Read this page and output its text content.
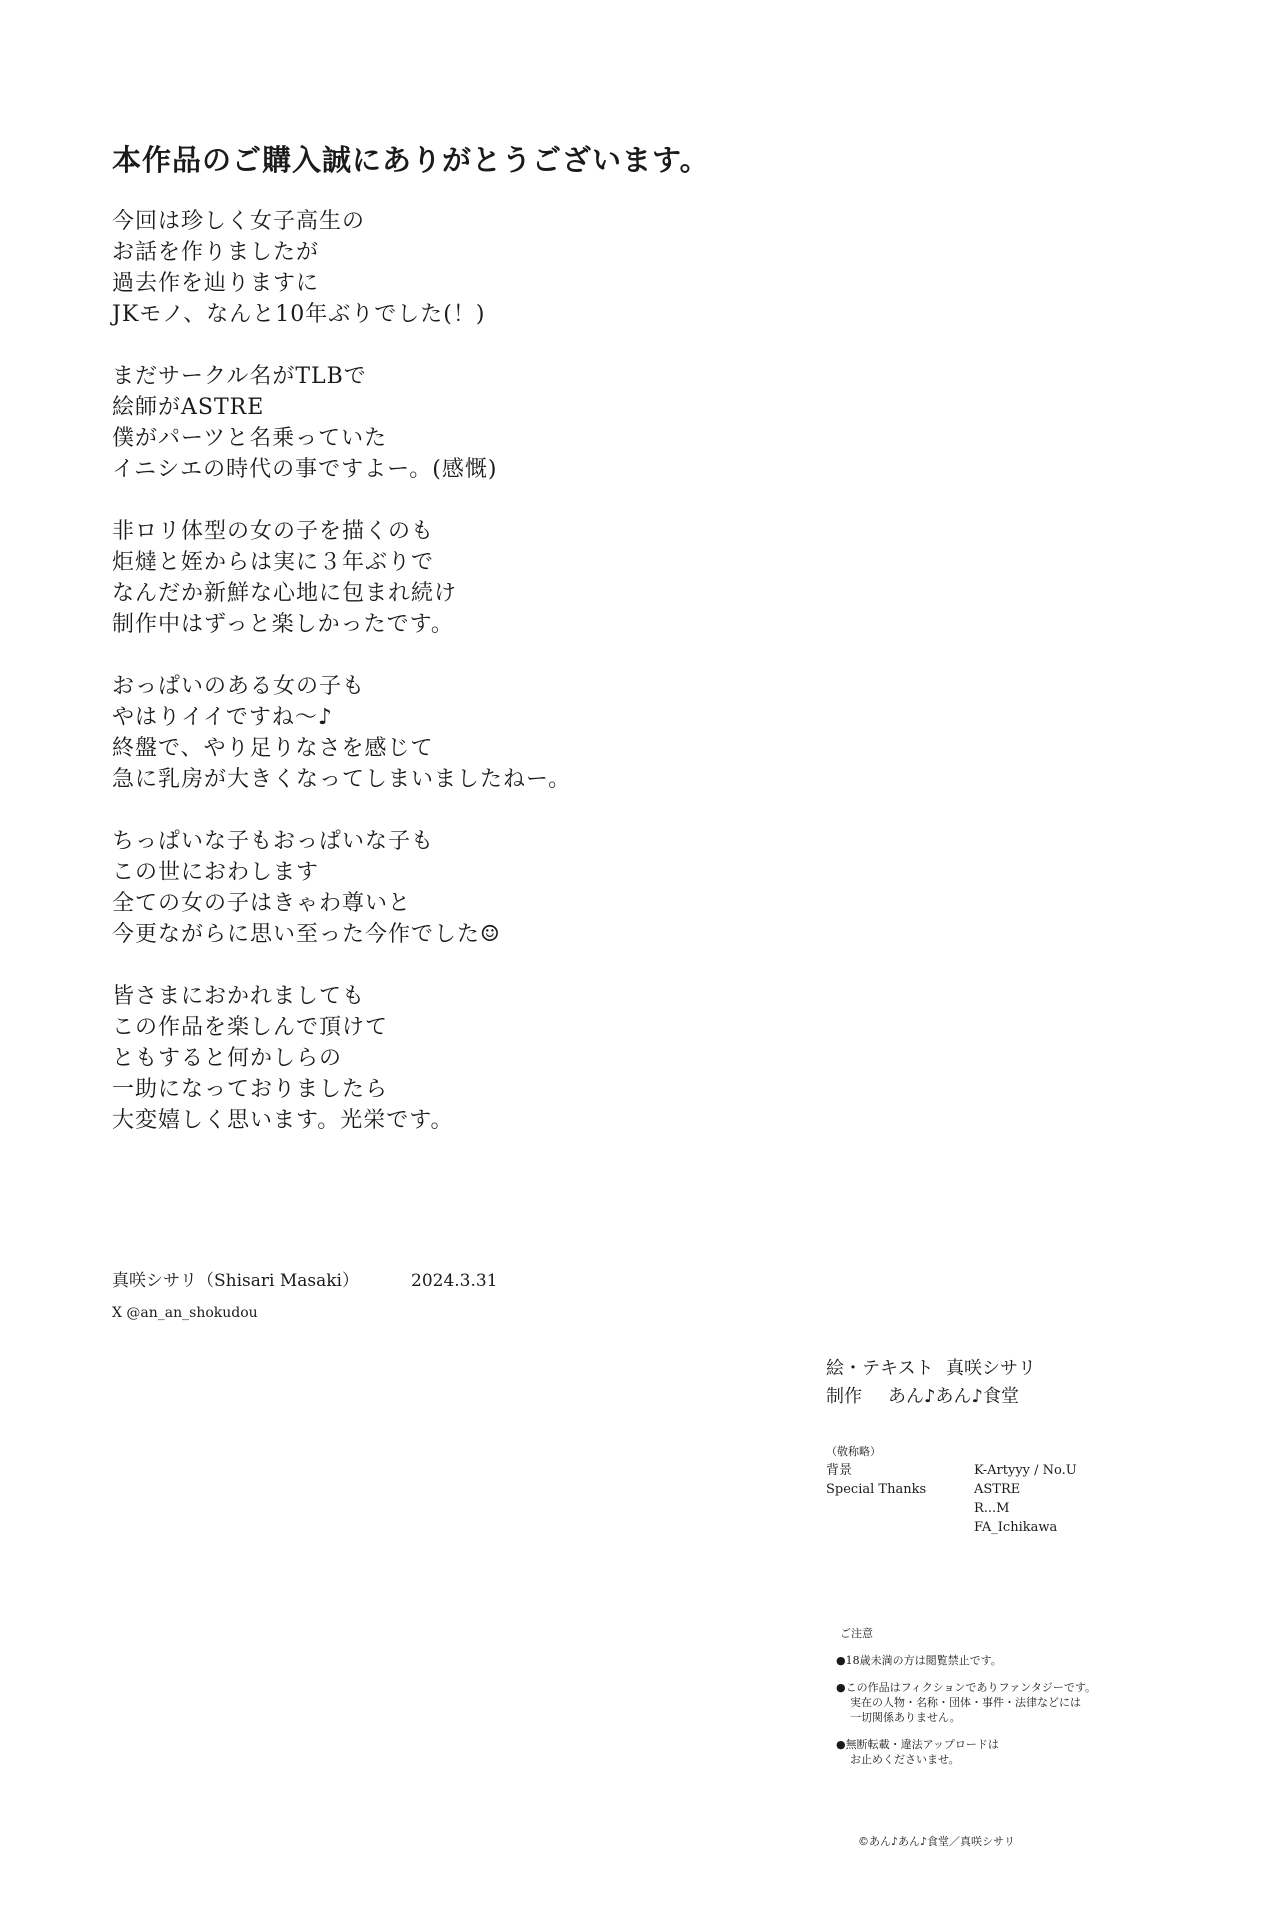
本作品のご購入誠にありがとうございます。

今回は珍しく女子高生の
お話を作りましたが
過去作を辿りますに
JKモノ、なんと10年ぶりでした(！)

まだサークル名がTLBで
絵師がASTRE
僕がパーツと名乗っていた
イニシエの時代の事ですよー。(感慨)

非ロリ体型の女の子を描くのも
炬燵と姪からは実に３年ぶりで
なんだか新鮮な心地に包まれ続け
制作中はずっと楽しかったです。

おっぱいのある女の子も
やはりイイですね～♪
終盤で、やり足りなさを感じて
急に乳房が大きくなってしまいましたねー。

ちっぱいな子もおっぱいな子も
この世におわします
全ての女の子はきゃわ尊いと
今更ながらに思い至った今作でした☺

皆さまにおかれましても
この作品を楽しんで頂けて
ともすると何かしらの
一助になっておりましたら
大変嬉しく思います。光栄です。

真咲シサリ（Shisari Masaki）	2024.3.31
X @an_an_shokudou
絵・テキスト 真咲シサリ
制作 あん♪あん♪食堂
（敬称略）
背景
Special Thanks
K-Artyyy / No.U
ASTRE
R...M
FA_Ichikawa
ご注意
●18歳未満の方は閲覧禁止です。
●この作品はフィクションでありファンタジーです。
実在の人物・名称・団体・事件・法律などには
一切関係ありません。
●無断転載・違法アップロードは
お止めくださいませ。
©あん♪あん♪食堂／真咲シサリ
